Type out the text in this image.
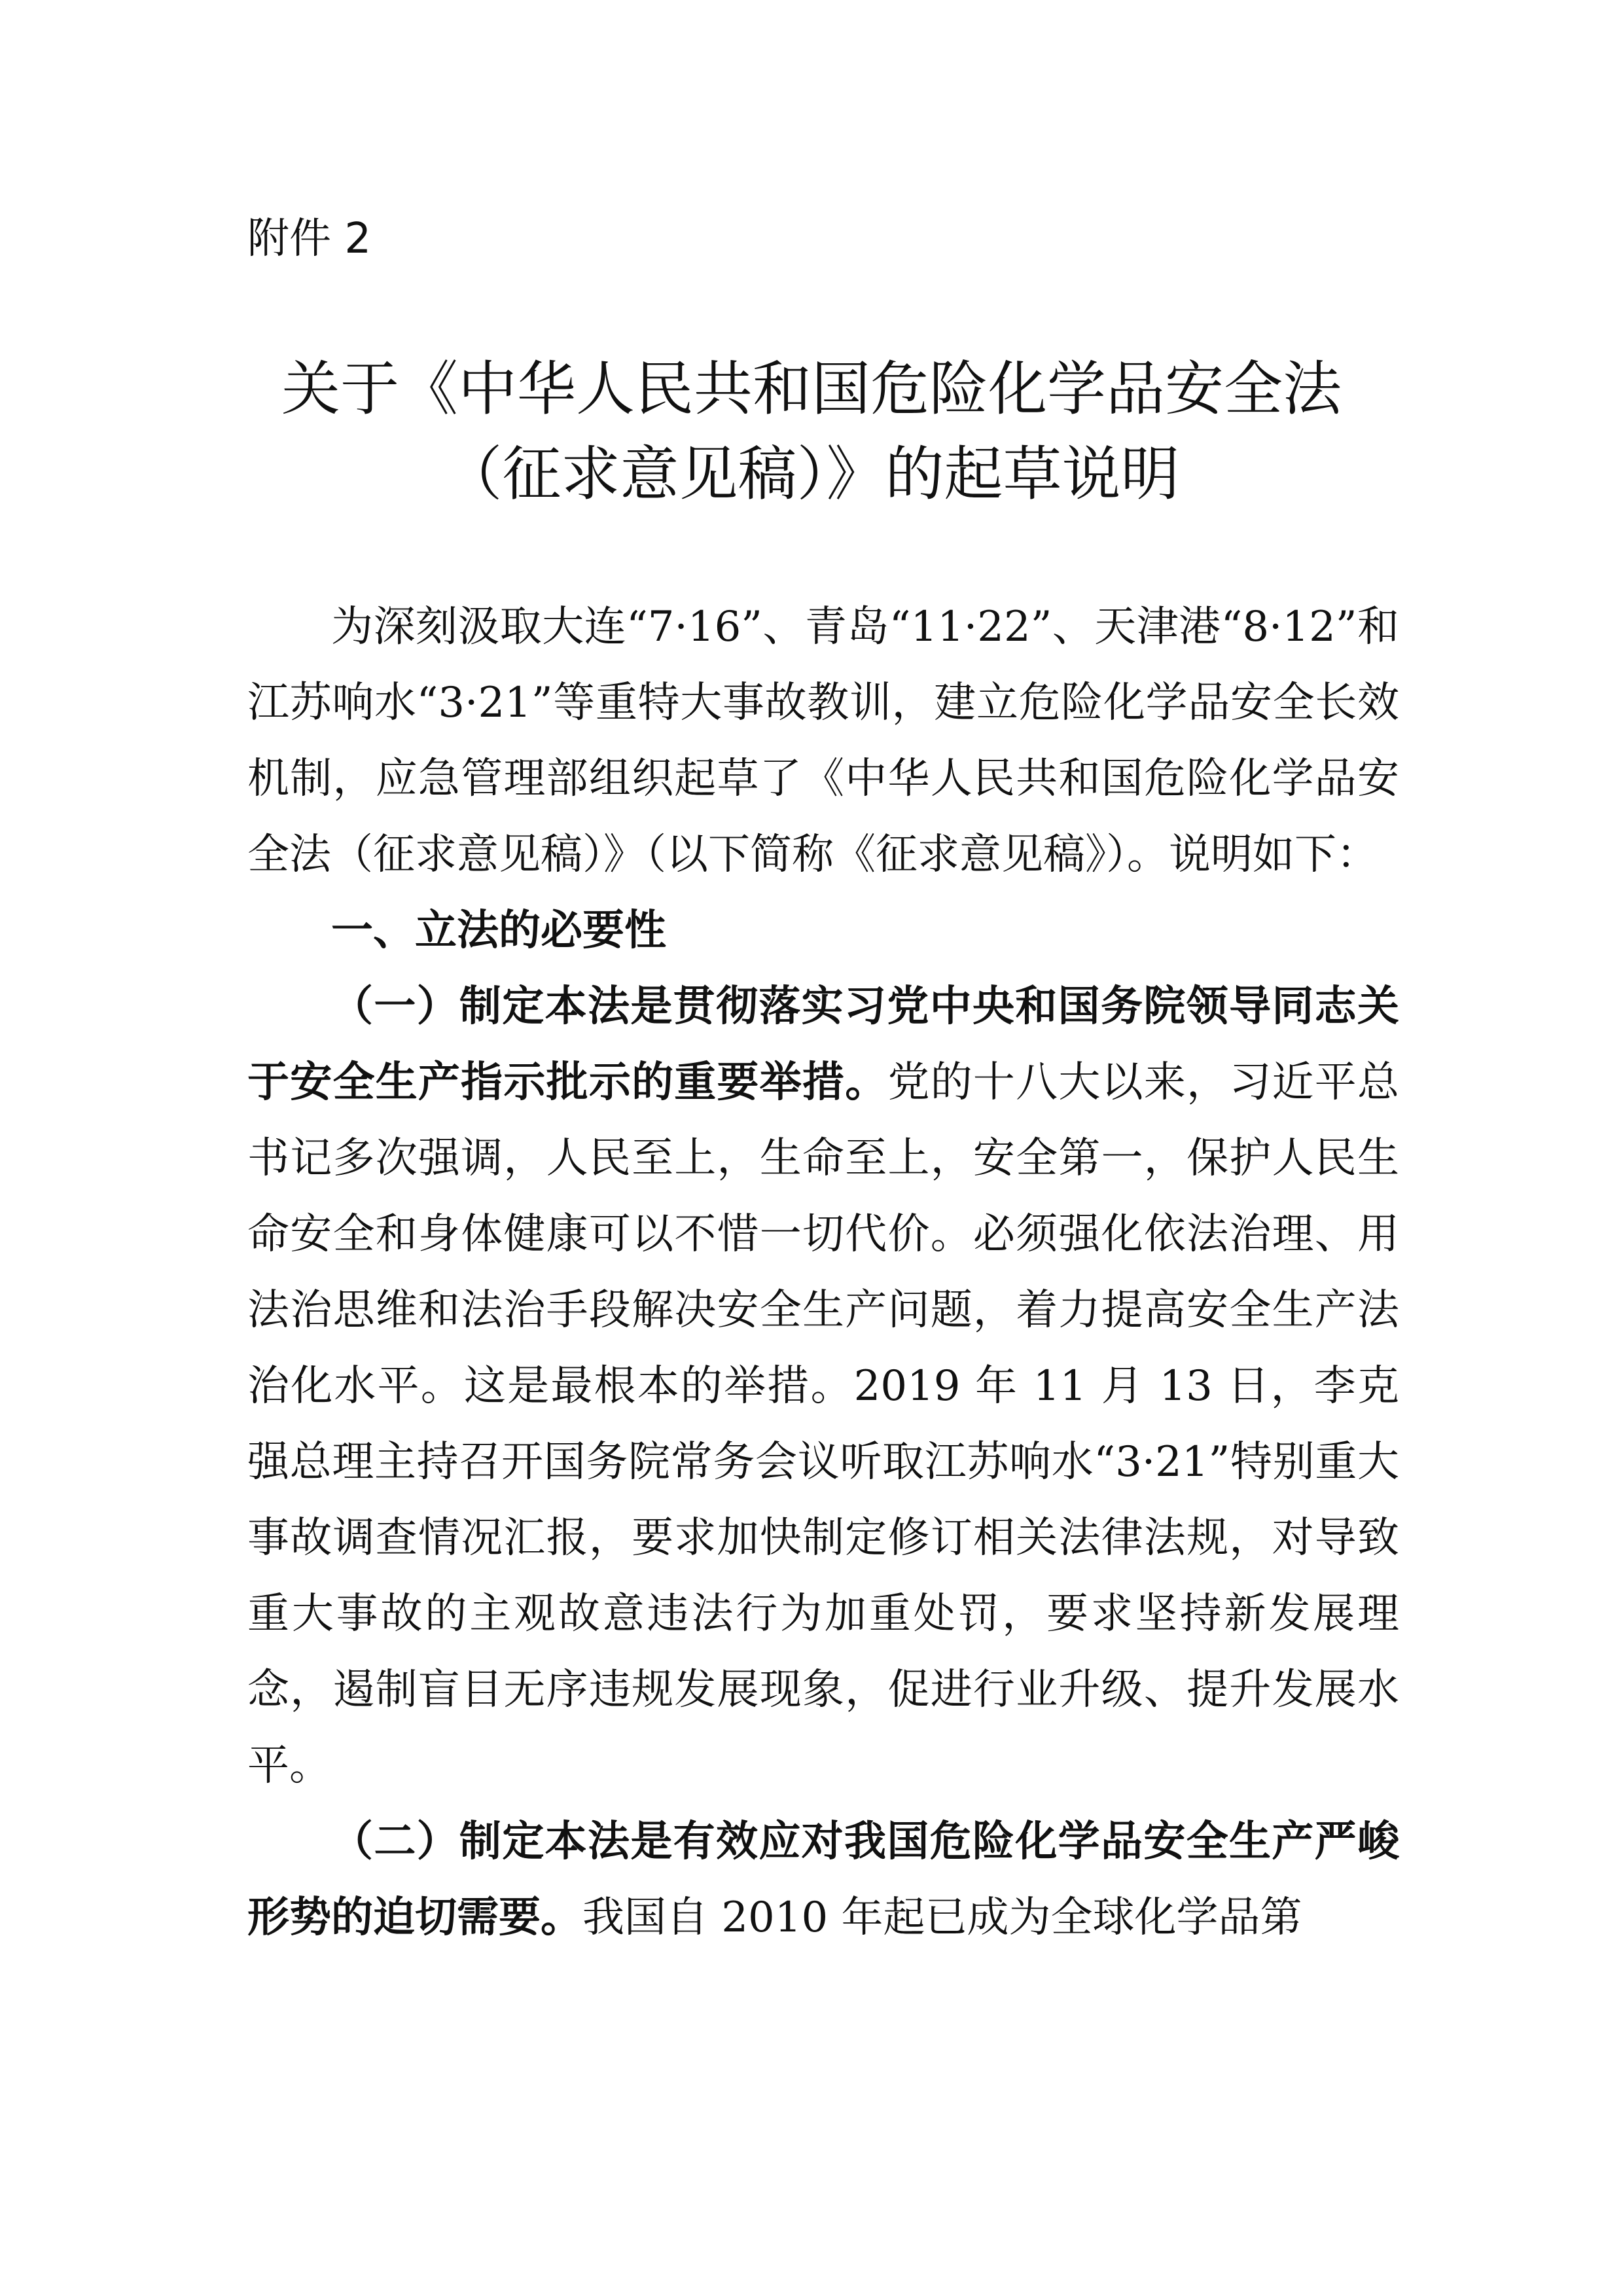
附件 2
关于《中华人民共和国危险化学品安全法
（征求意见稿）》的起草说明

为深刻汲取大连“7·16”、青岛“11·22”、天津港“8·12”和江苏响水“3·21”等重特大事故教训，建立危险化学品安全长效机制，应急管理部组织起草了《中华人民共和国危险化学品安全法（征求意见稿）》（以下简称《征求意见稿》）。说明如下：

一、立法的必要性

（一）制定本法是贯彻落实习党中央和国务院领导同志关于安全生产指示批示的重要举措。党的十八大以来，习近平总书记多次强调，人民至上，生命至上，安全第一，保护人民生命安全和身体健康可以不惜一切代价。必须强化依法治理、用法治思维和法治手段解决安全生产问题，着力提高安全生产法治化水平。这是最根本的举措。2019 年 11 月 13 日，李克强总理主持召开国务院常务会议听取江苏响水“3·21”特别重大事故调查情况汇报，要求加快制定修订相关法律法规，对导致重大事故的主观故意违法行为加重处罚，要求坚持新发展理念，遏制盲目无序违规发展现象，促进行业升级、提升发展水平。

（二）制定本法是有效应对我国危险化学品安全生产严峻形势的迫切需要。我国自 2010 年起已成为全球化学品第
